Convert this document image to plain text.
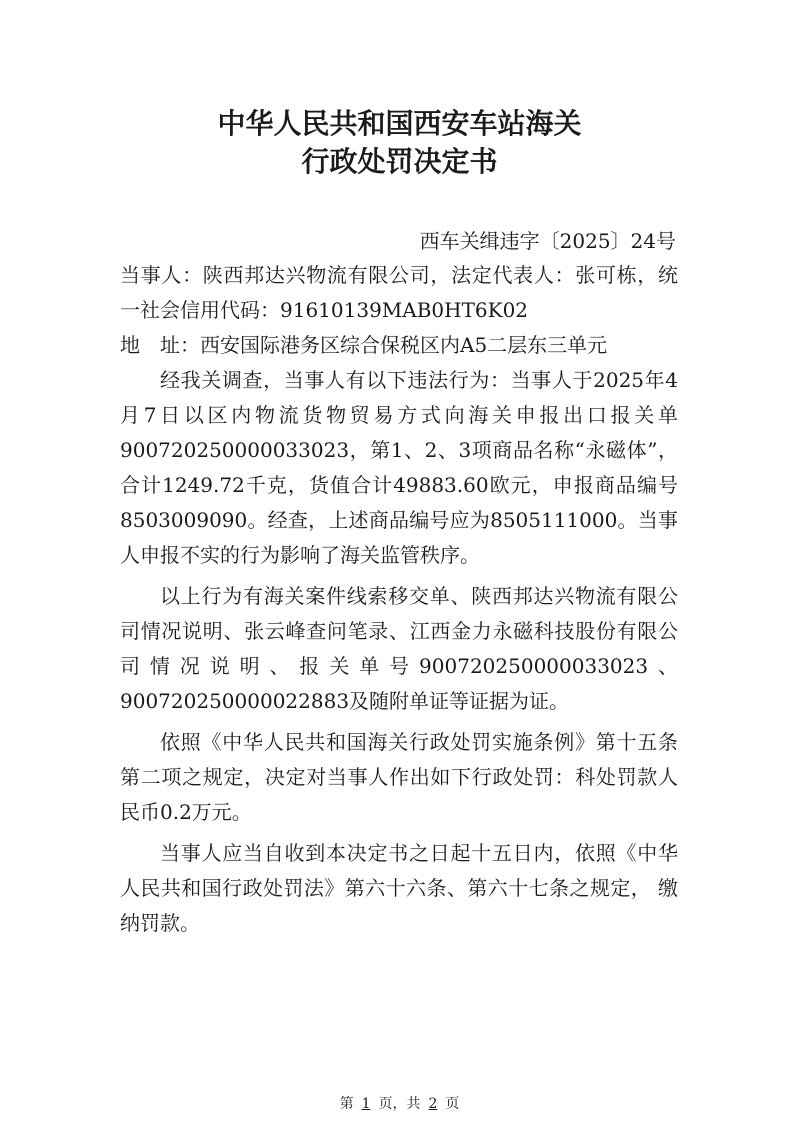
中华人民共和国西安车站海关
行政处罚决定书
西车关缉违字〔2025〕24号

当事人：陕西邦达兴物流有限公司，法定代表人：张可栋，统一社会信用代码：91610139MAB0HT6K02

地　址：西安国际港务区综合保税区内A5二层东三单元

经我关调查，当事人有以下违法行为：当事人于2025年4月7日以区内物流货物贸易方式向海关申报出口报关单900720250000033023，第1、2、3项商品名称“永磁体”，合计1249.72千克，货值合计49883.60欧元，申报商品编号8503009090。经查，上述商品编号应为8505111000。当事人申报不实的行为影响了海关监管秩序。

以上行为有海关案件线索移交单、陕西邦达兴物流有限公司情况说明、张云峰查问笔录、江西金力永磁科技股份有限公司情况说明、报关单号900720250000033023、900720250000022883及随附单证等证据为证。

依照《中华人民共和国海关行政处罚实施条例》第十五条第二项之规定，决定对当事人作出如下行政处罚：科处罚款人民币0.2万元。

当事人应当自收到本决定书之日起十五日内，依照《中华人民共和国行政处罚法》第六十六条、第六十七条之规定， 缴纳罚款。

第 1 页，共 2 页
